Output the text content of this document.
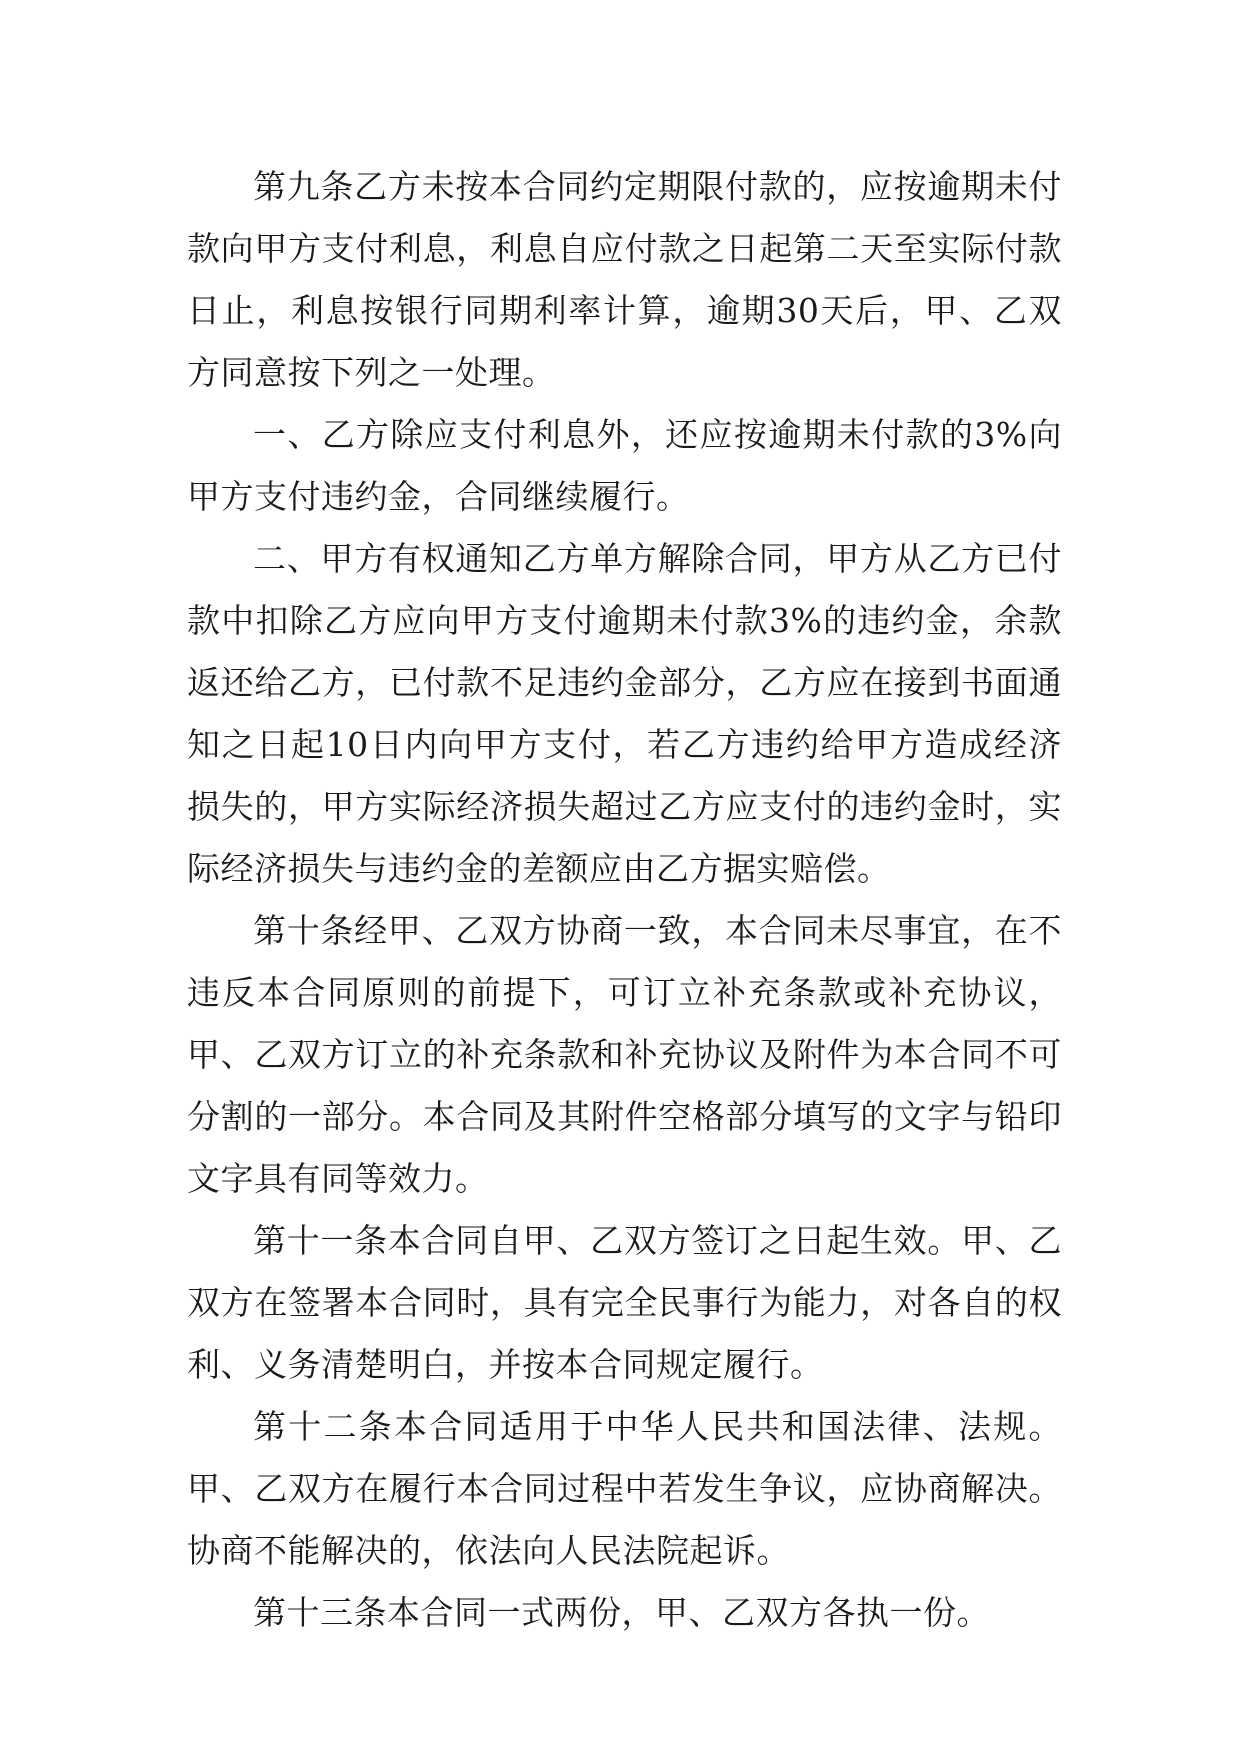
第九条乙方未按本合同约定期限付款的，应按逾期未付款向甲方支付利息，利息自应付款之日起第二天至实际付款日止，利息按银行同期利率计算，逾期30天后，甲、乙双方同意按下列之一处理。

一、乙方除应支付利息外，还应按逾期未付款的3%向甲方支付违约金，合同继续履行。

二、甲方有权通知乙方单方解除合同，甲方从乙方已付款中扣除乙方应向甲方支付逾期未付款3%的违约金，余款返还给乙方，已付款不足违约金部分，乙方应在接到书面通知之日起10日内向甲方支付，若乙方违约给甲方造成经济损失的，甲方实际经济损失超过乙方应支付的违约金时，实际经济损失与违约金的差额应由乙方据实赔偿。

第十条经甲、乙双方协商一致，本合同未尽事宜，在不违反本合同原则的前提下，可订立补充条款或补充协议，甲、乙双方订立的补充条款和补充协议及附件为本合同不可分割的一部分。本合同及其附件空格部分填写的文字与铅印文字具有同等效力。

第十一条本合同自甲、乙双方签订之日起生效。甲、乙双方在签署本合同时，具有完全民事行为能力，对各自的权利、义务清楚明白，并按本合同规定履行。

第十二条本合同适用于中华人民共和国法律、法规。甲、乙双方在履行本合同过程中若发生争议，应协商解决。协商不能解决的，依法向人民法院起诉。

第十三条本合同一式两份，甲、乙双方各执一份。
